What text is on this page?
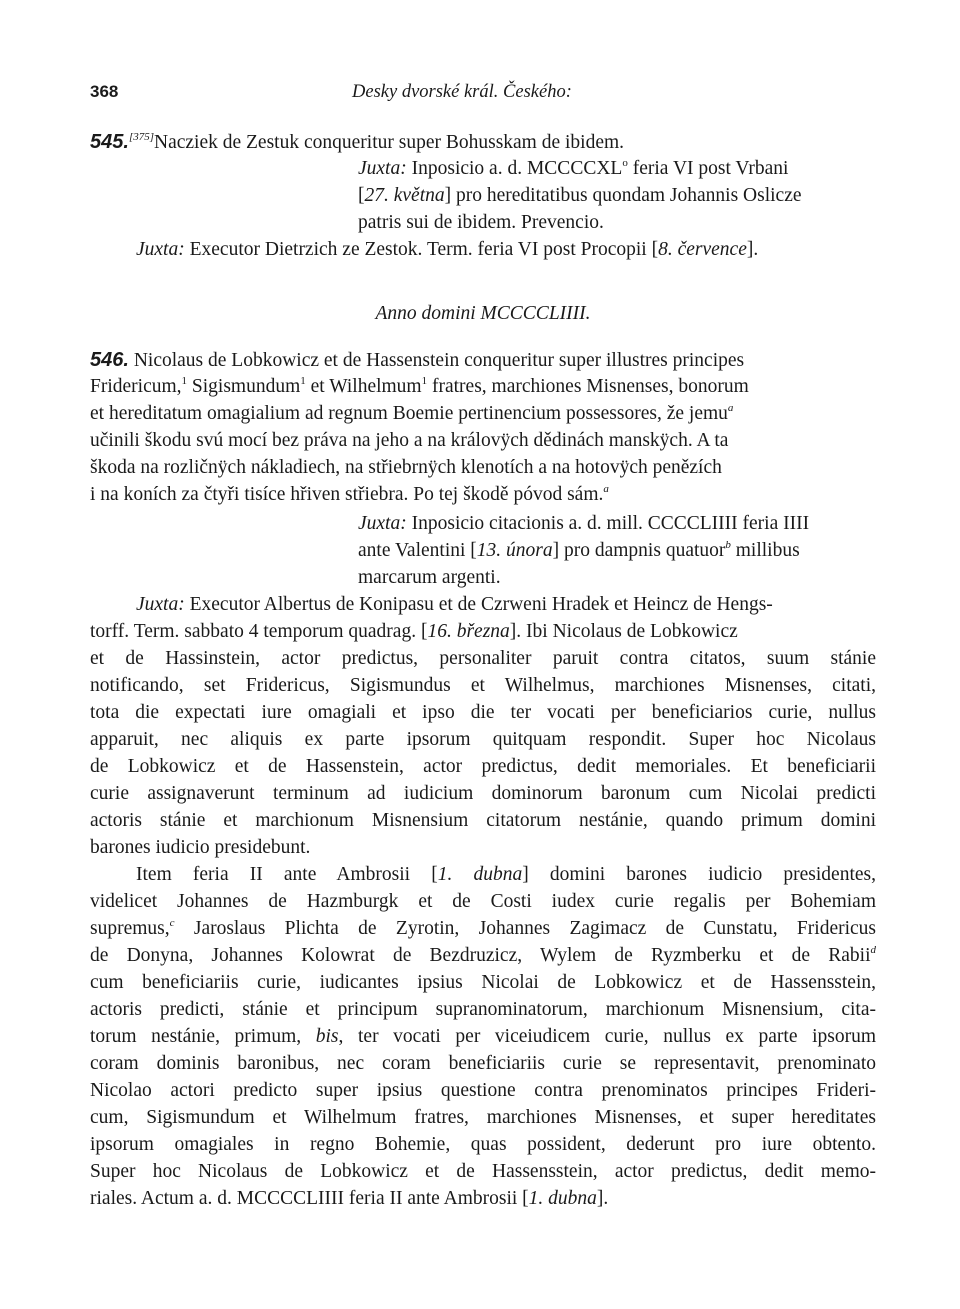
368	Desky dvorské král. Českého:
545.[375]Nacziek de Zestuk conqueritur super Bohusskam de ibidem.
Juxta: Inposicio a. d. MCCCCXL$^o$ feria VI post Vrbani
[27. května] pro hereditatibus quondam Johannis Oslicze
patris sui de ibidem. Prevencio.
Juxta: Executor Dietrzich ze Zestok. Term. feria VI post Procopii [8. července].
Anno domini MCCCCLIIII.
546. Nicolaus de Lobkowicz et de Hassenstein conqueritur super illustres principes
Fridericum,$^1$ Sigismundum$^1$ et Wilhelmum$^1$ fratres, marchiones Misnenses, bonorum
et hereditatum omagialium ad regnum Boemie pertinencium possessores, že jemu$^a$
učinili škodu svú mocí bez práva na jeho a na královÿch dědinách manskÿch. A ta
škoda na rozličnÿch nákladiech, na střiebrnÿch klenotích a na hotovÿch penězích
i na koních za čtyři tisíce hřiven střiebra. Po tej škodě póvod sám.$^a$
Juxta: Inposicio citacionis a. d. mill. CCCCLIIII feria IIII
ante Valentini [13. února] pro dampnis quatuor$^b$ millibus
marcarum argenti.
Juxta: Executor Albertus de Konipasu et de Czrweni Hradek et Heincz de Hengs-
torff. Term. sabbato 4 temporum quadrag. [16. března]. Ibi Nicolaus de Lobkowicz
et de Hassinstein, actor predictus, personaliter paruit contra citatos, suum stánie
notificando, set Fridericus, Sigismundus et Wilhelmus, marchiones Misnenses, citati,
tota die expectati iure omagiali et ipso die ter vocati per beneficiarios curie, nullus
apparuit, nec aliquis ex parte ipsorum quitquam respondit. Super hoc Nicolaus
de Lobkowicz et de Hassenstein, actor predictus, dedit memoriales. Et beneficiarii
curie assignaverunt terminum ad iudicium dominorum baronum cum Nicolai predicti
actoris stánie et marchionum Misnensium citatorum nestánie, quando primum domini
barones iudicio presidebunt.
Item feria II ante Ambrosii [1. dubna] domini barones iudicio presidentes,
videlicet Johannes de Hazmburgk et de Costi iudex curie regalis per Bohemiam
supremus,$^c$ Jaroslaus Plichta de Zyrotin, Johannes Zagimacz de Cunstatu, Fridericus
de Donyna, Johannes Kolowrat de Bezdruzicz, Wylem de Ryzmberku et de Rabii$^d$
cum beneficiariis curie, iudicantes ipsius Nicolai de Lobkowicz et de Hassensstein,
actoris predicti, stánie et principum supranominatorum, marchionum Misnensium, cita-
torum nestánie, primum, bis, ter vocati per viceiudicem curie, nullus ex parte ipsorum
coram dominis baronibus, nec coram beneficiariis curie se representavit, prenominato
Nicolao actori predicto super ipsius questione contra prenominatos principes Frideri-
cum, Sigismundum et Wilhelmum fratres, marchiones Misnenses, et super hereditates
ipsorum omagiales in regno Bohemie, quas possident, dederunt pro iure obtento.
Super hoc Nicolaus de Lobkowicz et de Hassensstein, actor predictus, dedit memo-
riales. Actum a. d. MCCCCLIIII feria II ante Ambrosii [1. dubna].
